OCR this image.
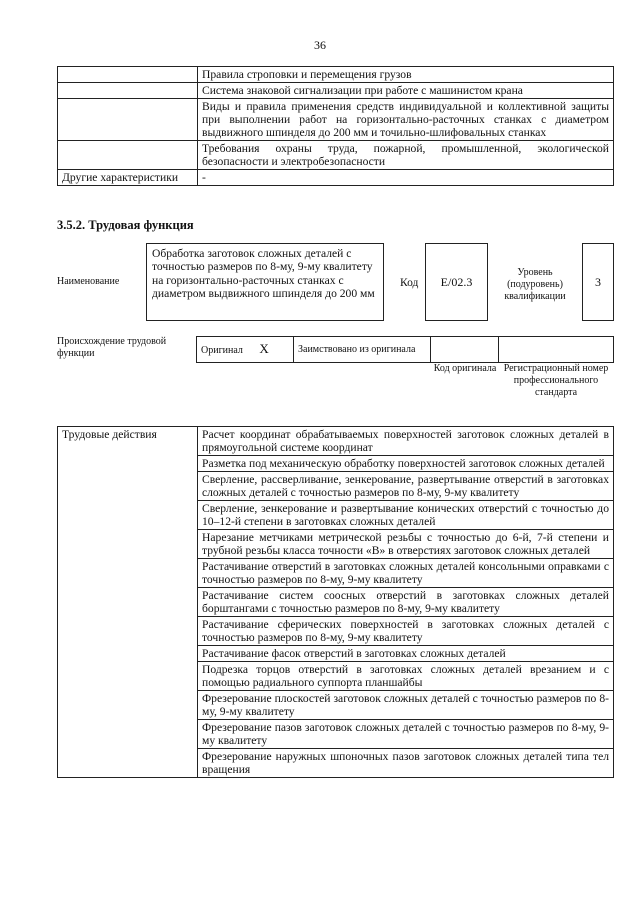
36
	Правила строповки и перемещения грузов
	Система знаковой сигнализации при работе с машинистом крана
	Виды и правила применения средств индивидуальной и коллективной защиты при выполнении работ на горизонтально-расточных станках с диаметром выдвижного шпинделя до 200 мм и точильно-шлифовальных станках
	Требования охраны труда, пожарной, промышленной, экологической безопасности и электробезопасности
Другие характеристики	-
3.5.2. Трудовая функция
Наименование
Обработка заготовок сложных деталей с точностью размеров по 8-му, 9-му квалитету на горизонтально-расточных станках с диаметром выдвижного шпинделя до 200 мм
Код	E/02.3
Уровень (подуровень) квалификации
3
Происхождение трудовой функции	Оригинал X	Заимствовано из оригинала		
Код оригинала Регистрационный номер профессионального стандарта
Трудовые действия	Расчет координат обрабатываемых поверхностей заготовок сложных деталей в прямоугольной системе координат
Разметка под механическую обработку поверхностей заготовок сложных деталей
Сверление, рассверливание, зенкерование, развертывание отверстий в заготовках сложных деталей с точностью размеров по 8-му, 9-му квалитету
Сверление, зенкерование и развертывание конических отверстий с точностью до 10–12-й степени в заготовках сложных деталей
Нарезание метчиками метрической резьбы с точностью до 6-й, 7-й степени и трубной резьбы класса точности «В» в отверстиях заготовок сложных деталей
Растачивание отверстий в заготовках сложных деталей консольными оправками с точностью размеров по 8-му, 9-му квалитету
Растачивание систем соосных отверстий в заготовках сложных деталей борштангами с точностью размеров по 8-му, 9-му квалитету
Растачивание сферических поверхностей в заготовках сложных деталей с точностью размеров по 8-му, 9-му квалитету
Растачивание фасок отверстий в заготовках сложных деталей
Подрезка торцов отверстий в заготовках сложных деталей врезанием и с помощью радиального суппорта планшайбы
Фрезерование плоскостей заготовок сложных деталей с точностью размеров по 8-му, 9-му квалитету
Фрезерование пазов заготовок сложных деталей с точностью размеров по 8-му, 9-му квалитету
Фрезерование наружных шпоночных пазов заготовок сложных деталей типа тел вращения
